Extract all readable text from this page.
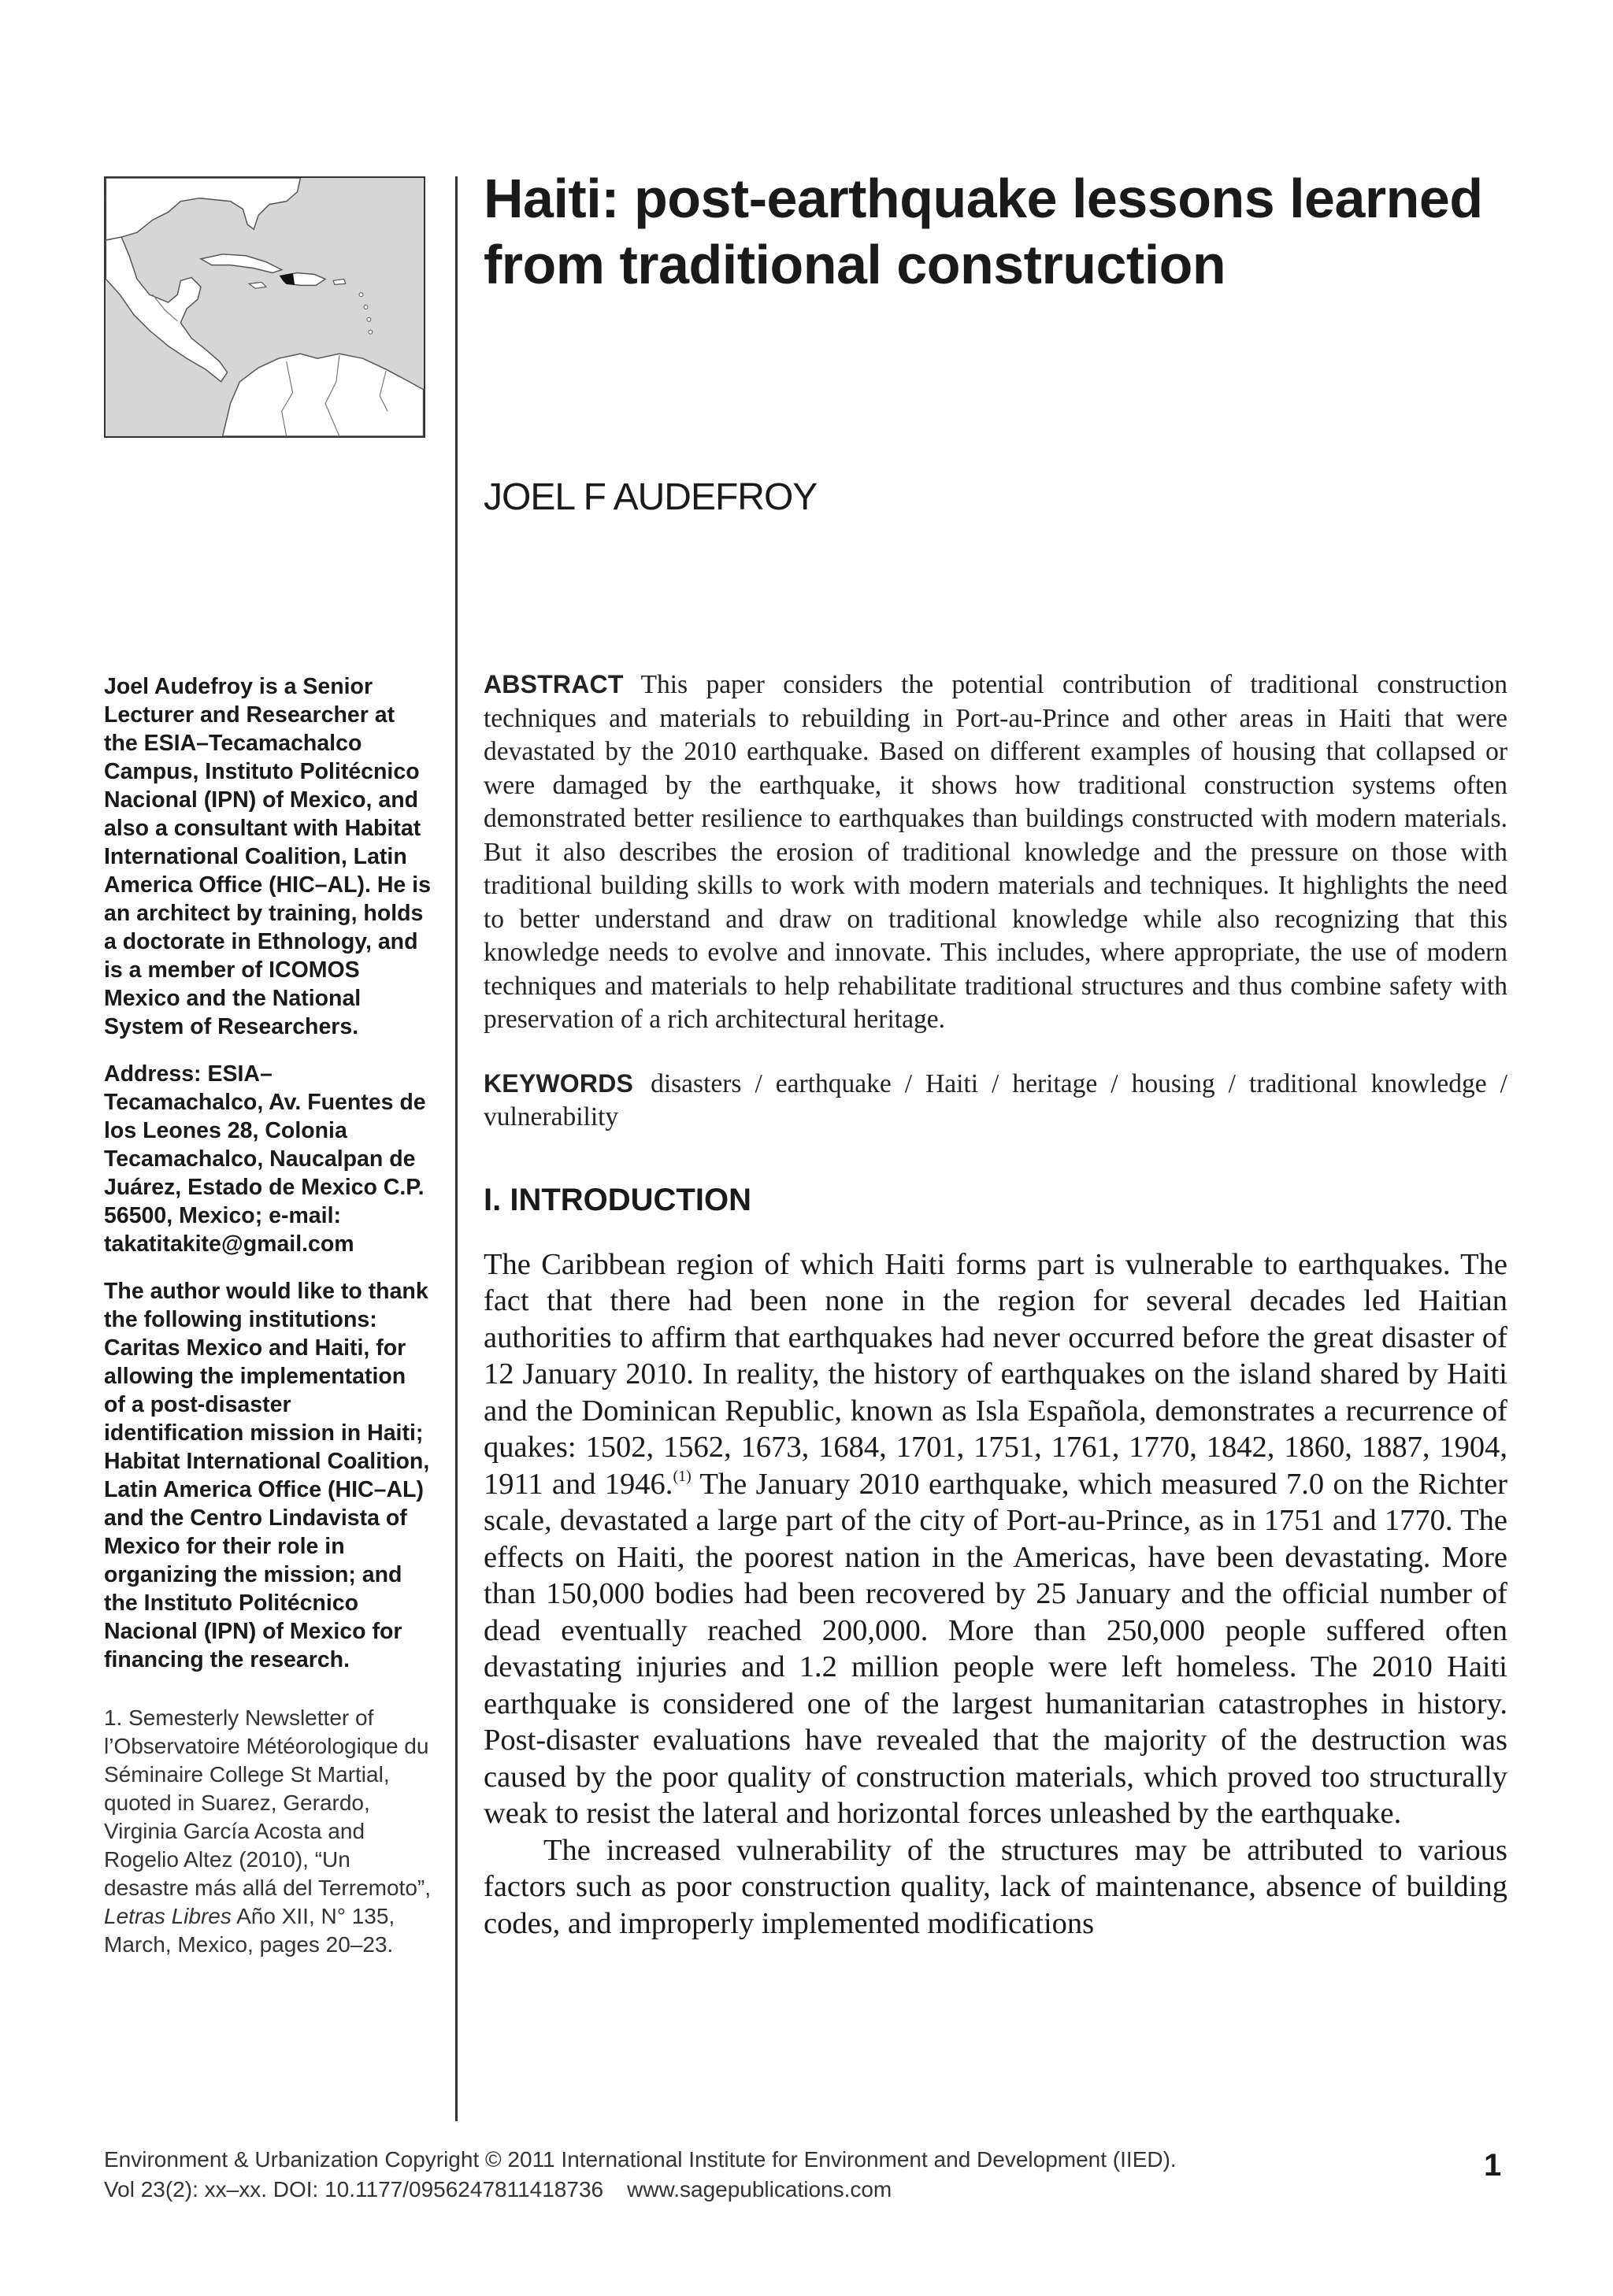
Haiti: post-earthquake lessons learned
from traditional construction
JOEL F AUDEFROY

Joel Audefroy is a Senior Lecturer and Researcher at the ESIA–Tecamachalco Campus, Instituto Politécnico Nacional (IPN) of Mexico, and also a consultant with Habitat International Coalition, Latin America Office (HIC–AL). He is an architect by training, holds a doctorate in Ethnology, and is a member of ICOMOS Mexico and the National System of Researchers.

Address: ESIA–Tecamachalco, Av. Fuentes de los Leones 28, Colonia Tecamachalco, Naucalpan de Juárez, Estado de Mexico C.P. 56500, Mexico; e-mail: takatitakite@gmail.com

The author would like to thank the following institutions: Caritas Mexico and Haiti, for allowing the implementation of a post-disaster identification mission in Haiti; Habitat International Coalition, Latin America Office (HIC–AL) and the Centro Lindavista of Mexico for their role in organizing the mission; and the Instituto Politécnico Nacional (IPN) of Mexico for financing the research.

1. Semesterly Newsletter of l’Observatoire Météorologique du Séminaire College St Martial, quoted in Suarez, Gerardo, Virginia García Acosta and Rogelio Altez (2010), “Un desastre más allá del Terremoto”, Letras Libres Año XII, N° 135, March, Mexico, pages 20–23.

ABSTRACT This paper considers the potential contribution of traditional construction techniques and materials to rebuilding in Port-au-Prince and other areas in Haiti that were devastated by the 2010 earthquake. Based on different examples of housing that collapsed or were damaged by the earthquake, it shows how traditional construction systems often demonstrated better resilience to earthquakes than buildings constructed with modern materials. But it also describes the erosion of traditional knowledge and the pressure on those with traditional building skills to work with modern materials and techniques. It highlights the need to better understand and draw on traditional knowledge while also recognizing that this knowledge needs to evolve and innovate. This includes, where appropriate, the use of modern techniques and materials to help rehabilitate traditional structures and thus combine safety with preservation of a rich architectural heritage.

KEYWORDS disasters / earthquake / Haiti / heritage / housing / traditional knowledge / vulnerability

I. INTRODUCTION

The Caribbean region of which Haiti forms part is vulnerable to earthquakes. The fact that there had been none in the region for several decades led Haitian authorities to affirm that earthquakes had never occurred before the great disaster of 12 January 2010. In reality, the history of earthquakes on the island shared by Haiti and the Dominican Republic, known as Isla Española, demonstrates a recurrence of quakes: 1502, 1562, 1673, 1684, 1701, 1751, 1761, 1770, 1842, 1860, 1887, 1904, 1911 and 1946.$^{(1)}$ The January 2010 earthquake, which measured 7.0 on the Richter scale, devastated a large part of the city of Port-au-Prince, as in 1751 and 1770. The effects on Haiti, the poorest nation in the Americas, have been devastating. More than 150,000 bodies had been recovered by 25 January and the official number of dead eventually reached 200,000. More than 250,000 people suffered often devastating injuries and 1.2 million people were left homeless. The 2010 Haiti earthquake is considered one of the largest humanitarian catastrophes in history. Post-disaster evaluations have revealed that the majority of the destruction was caused by the poor quality of construction materials, which proved too structurally weak to resist the lateral and horizontal forces unleashed by the earthquake.

The increased vulnerability of the structures may be attributed to various factors such as poor construction quality, lack of maintenance, absence of building codes, and improperly implemented modifications

Environment & Urbanization Copyright © 2011 International Institute for Environment and Development (IIED).
Vol 23(2): xx–xx. DOI: 10.1177/0956247811418736 www.sagepublications.com
1
